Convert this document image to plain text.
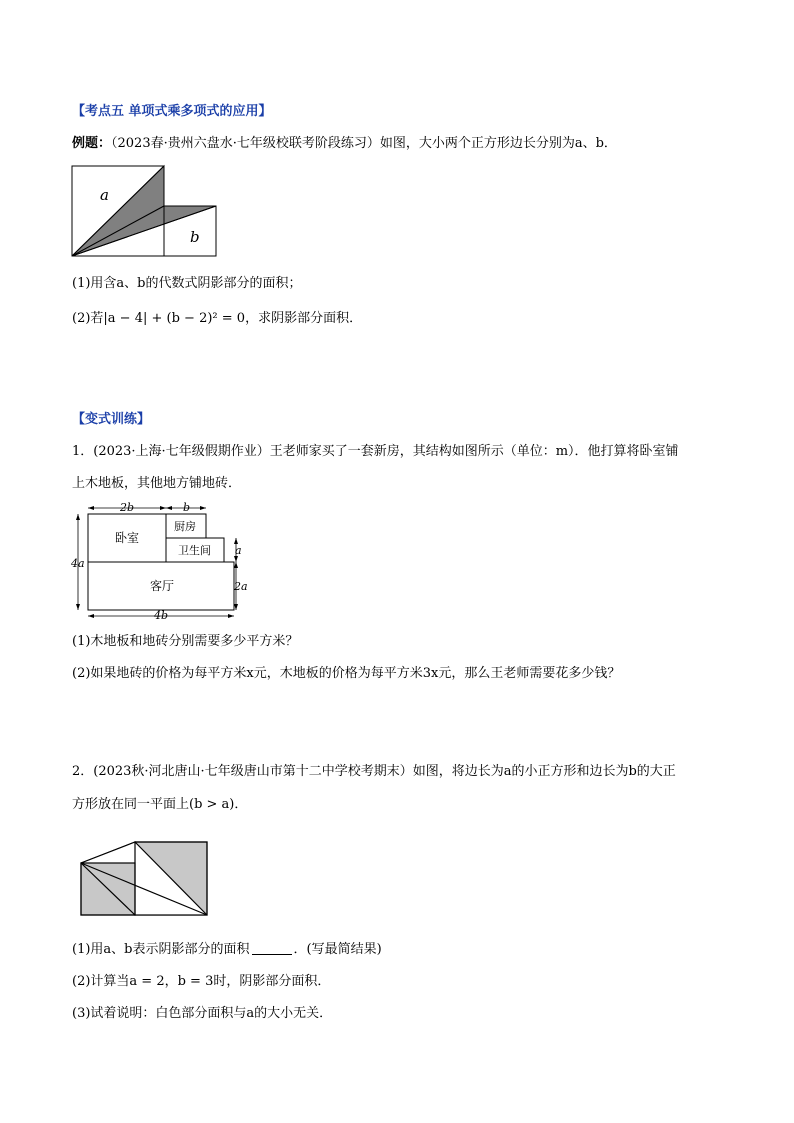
【考点五 单项式乘多项式的应用】
例题：（2023春·贵州六盘水·七年级校联考阶段练习）如图，大小两个正方形边长分别为a、b．
a
b
(1)用含a、b的代数式阴影部分的面积；
(2)若|a − 4| + (b − 2)² = 0，求阴影部分面积．
【变式训练】
1．(2023·上海·七年级假期作业）王老师家买了一套新房，其结构如图所示（单位：m）．他打算将卧室铺
上木地板，其他地方铺地砖．
2b	b
4a
卧室
厨房
卫生间
客厅
a
2a
4b
(1)木地板和地砖分别需要多少平方米？
(2)如果地砖的价格为每平方米x元，木地板的价格为每平方米3x元，那么王老师需要花多少钱？
2．(2023秋·河北唐山·七年级唐山市第十二中学校考期末）如图，将边长为a的小正方形和边长为b的大正
方形放在同一平面上(b > a)．
(1)用a、b表示阴影部分的面积	．(写最简结果)
(2)计算当a = 2，b = 3时，阴影部分面积．
(3)试着说明：白色部分面积与a的大小无关．
